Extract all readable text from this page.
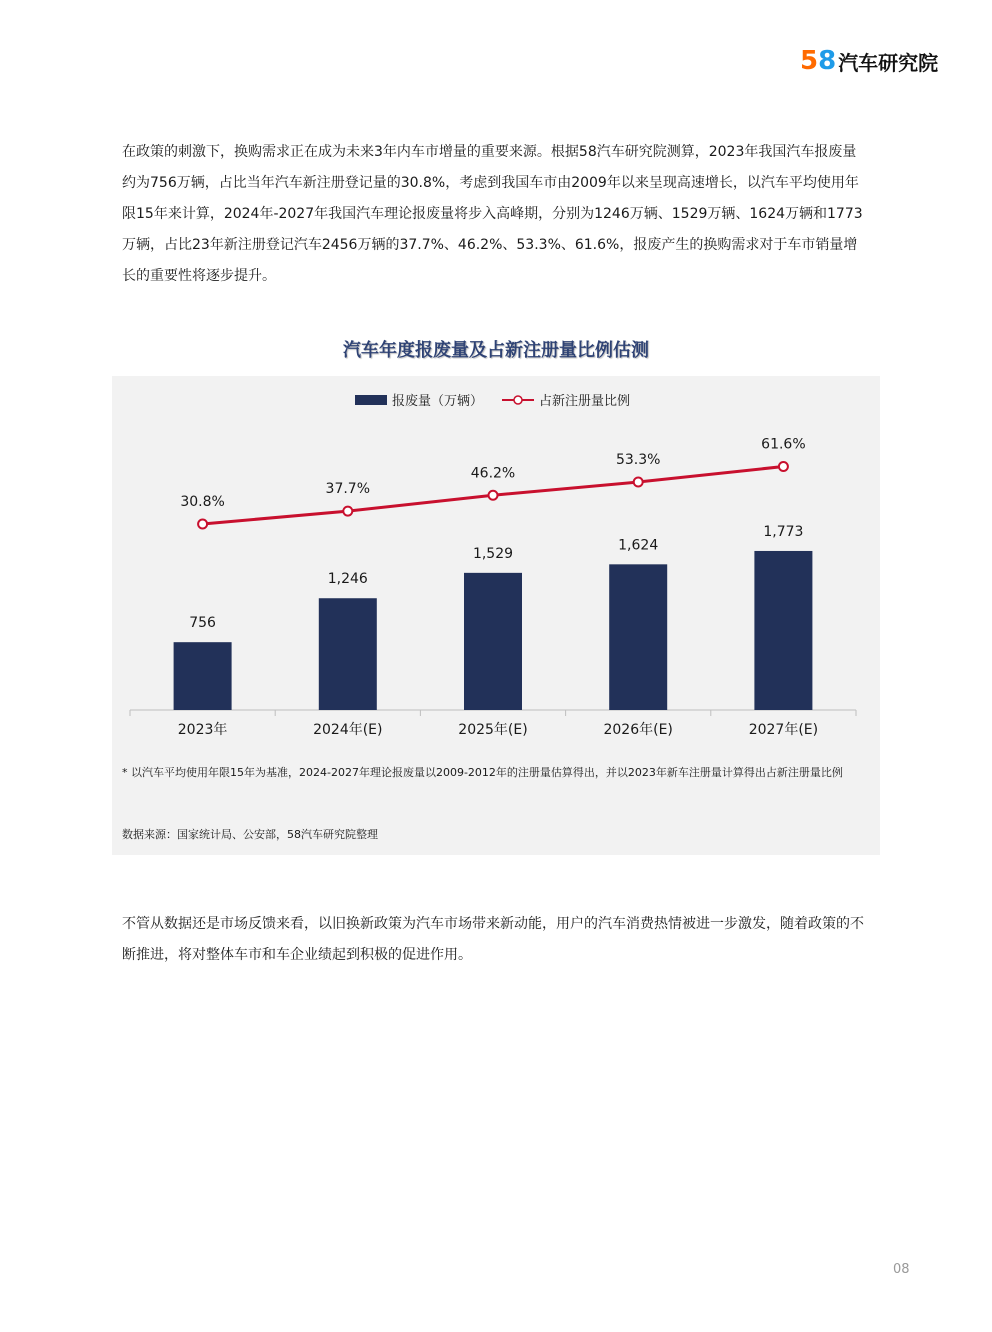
5 8 汽车研究院

在政策的刺激下，换购需求正在成为未来3年内车市增量的重要来源。根据58汽车研究院测算，2023年我国汽车报废量约为756万辆，占比当年汽车新注册登记量的30.8%，考虑到我国车市由2009年以来呈现高速增长，以汽车平均使用年限15年来计算，2024年-2027年我国汽车理论报废量将步入高峰期，分别为1246万辆、1529万辆、1624万辆和1773万辆，占比23年新注册登记汽车2456万辆的37.7%、46.2%、53.3%、61.6%，报废产生的换购需求对于车市销量增长的重要性将逐步提升。

汽车年度报废量及占新注册量比例估测
报废量（万辆）	占新注册量比例
756
2023年
1,246
2024年(E)
1,529
2025年(E)
1,624
2026年(E)
1,773
2027年(E)
30.8%
37.7%
46.2%
53.3%
61.6%
* 以汽车平均使用年限15年为基准，2024-2027年理论报废量以2009-2012年的注册量估算得出，并以2023年新车注册量计算得出占新注册量比例
数据来源：国家统计局、公安部，58汽车研究院整理

不管从数据还是市场反馈来看，以旧换新政策为汽车市场带来新动能，用户的汽车消费热情被进一步激发，随着政策的不断推进，将对整体车市和车企业绩起到积极的促进作用。

08
